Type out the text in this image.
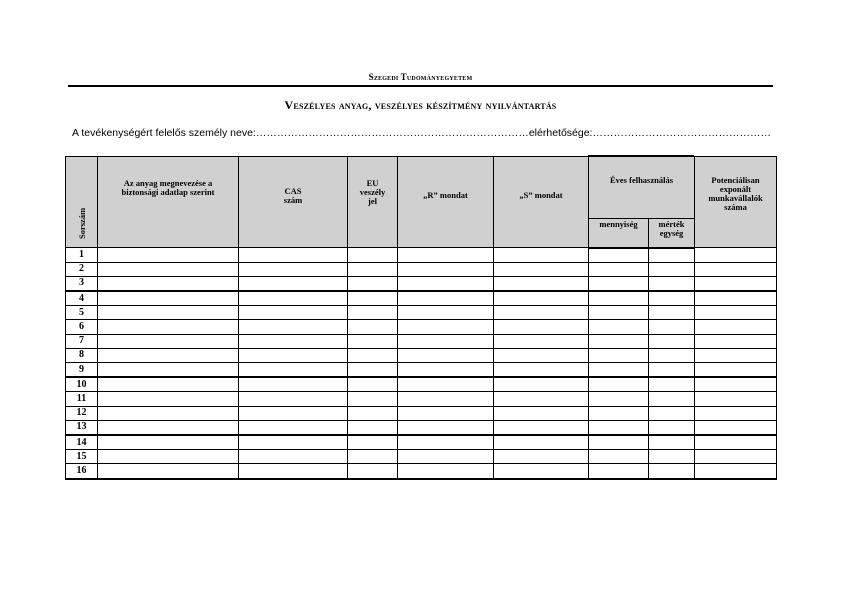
Szegedi Tudományegyetem
Veszélyes anyag, veszélyes készítmény nyilvántartás
A tevékenységért felelős személy neve:……………………………………………………………………elérhetősége:……………………………………………
Sorszám	Az anyag megnevezése a biztonsági adatlap szerint	CAS szám	EU veszély jel	„R” mondat	„S” mondat	Éves felhasználás		Potenciálisan exponált munkavállalók száma
						mennyiség	mérték egység	
1								
2								
3								
4								
5								
6								
7								
8								
9								
10								
11								
12								
13								
14								
15								
16								
